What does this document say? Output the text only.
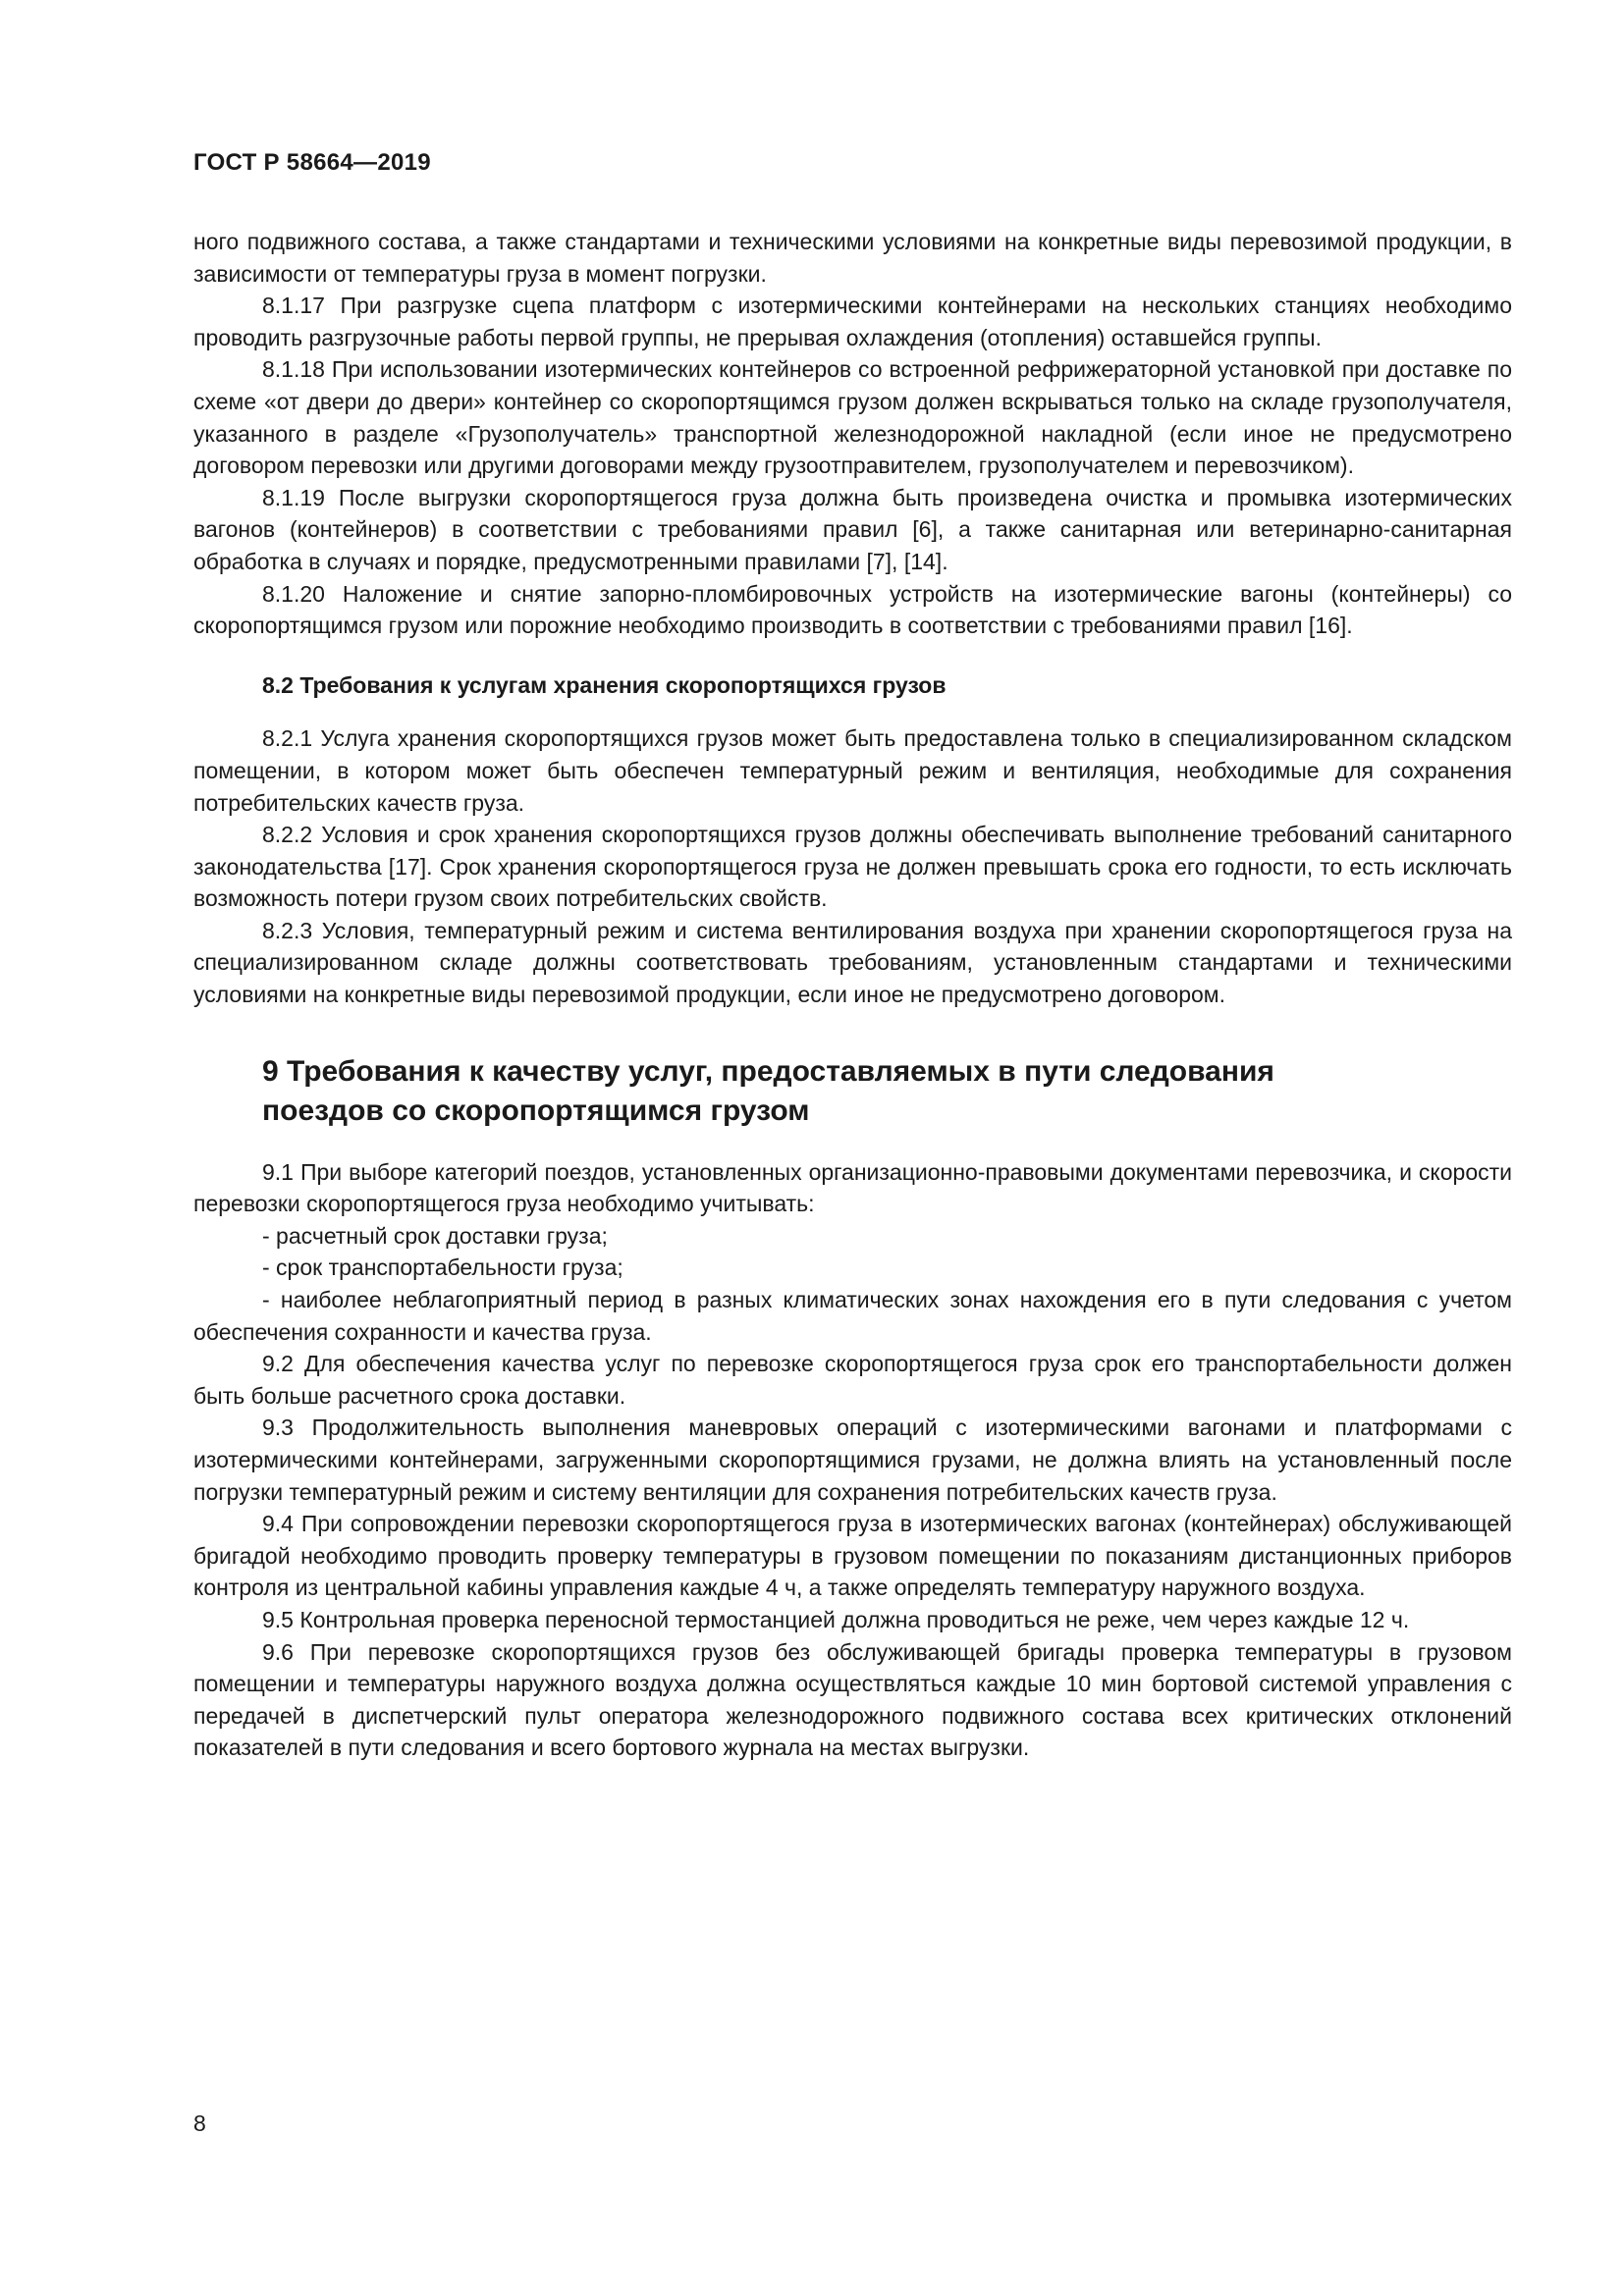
ГОСТ Р 58664—2019

ного подвижного состава, а также стандартами и техническими условиями на конкретные виды перевозимой продукции, в зависимости от температуры груза в момент погрузки.

8.1.17 При разгрузке сцепа платформ с изотермическими контейнерами на нескольких станциях необходимо проводить разгрузочные работы первой группы, не прерывая охлаждения (отопления) оставшейся группы.

8.1.18 При использовании изотермических контейнеров со встроенной рефрижераторной установкой при доставке по схеме «от двери до двери» контейнер со скоропортящимся грузом должен вскрываться только на складе грузополучателя, указанного в разделе «Грузополучатель» транспортной железнодорожной накладной (если иное не предусмотрено договором перевозки или другими договорами между грузоотправителем, грузополучателем и перевозчиком).

8.1.19 После выгрузки скоропортящегося груза должна быть произведена очистка и промывка изотермических вагонов (контейнеров) в соответствии с требованиями правил [6], а также санитарная или ветеринарно-санитарная обработка в случаях и порядке, предусмотренными правилами [7], [14].

8.1.20 Наложение и снятие запорно-пломбировочных устройств на изотермические вагоны (контейнеры) со скоропортящимся грузом или порожние необходимо производить в соответствии с требованиями правил [16].

8.2 Требования к услугам хранения скоропортящихся грузов

8.2.1 Услуга хранения скоропортящихся грузов может быть предоставлена только в специализированном складском помещении, в котором может быть обеспечен температурный режим и вентиляция, необходимые для сохранения потребительских качеств груза.

8.2.2 Условия и срок хранения скоропортящихся грузов должны обеспечивать выполнение требований санитарного законодательства [17]. Срок хранения скоропортящегося груза не должен превышать срока его годности, то есть исключать возможность потери грузом своих потребительских свойств.

8.2.3 Условия, температурный режим и система вентилирования воздуха при хранении скоропортящегося груза на специализированном складе должны соответствовать требованиям, установленным стандартами и техническими условиями на конкретные виды перевозимой продукции, если иное не предусмотрено договором.

9 Требования к качеству услуг, предоставляемых в пути следования
поездов со скоропортящимся грузом

9.1 При выборе категорий поездов, установленных организационно-правовыми документами перевозчика, и скорости перевозки скоропортящегося груза необходимо учитывать:

- расчетный срок доставки груза;

- срок транспортабельности груза;

- наиболее неблагоприятный период в разных климатических зонах нахождения его в пути следования с учетом обеспечения сохранности и качества груза.

9.2 Для обеспечения качества услуг по перевозке скоропортящегося груза срок его транспортабельности должен быть больше расчетного срока доставки.

9.3 Продолжительность выполнения маневровых операций с изотермическими вагонами и платформами с изотермическими контейнерами, загруженными скоропортящимися грузами, не должна влиять на установленный после погрузки температурный режим и систему вентиляции для сохранения потребительских качеств груза.

9.4 При сопровождении перевозки скоропортящегося груза в изотермических вагонах (контейнерах) обслуживающей бригадой необходимо проводить проверку температуры в грузовом помещении по показаниям дистанционных приборов контроля из центральной кабины управления каждые 4 ч, а также определять температуру наружного воздуха.

9.5 Контрольная проверка переносной термостанцией должна проводиться не реже, чем через каждые 12 ч.

9.6 При перевозке скоропортящихся грузов без обслуживающей бригады проверка температуры в грузовом помещении и температуры наружного воздуха должна осуществляться каждые 10 мин бортовой системой управления с передачей в диспетчерский пульт оператора железнодорожного подвижного состава всех критических отклонений показателей в пути следования и всего бортового журнала на местах выгрузки.

8
